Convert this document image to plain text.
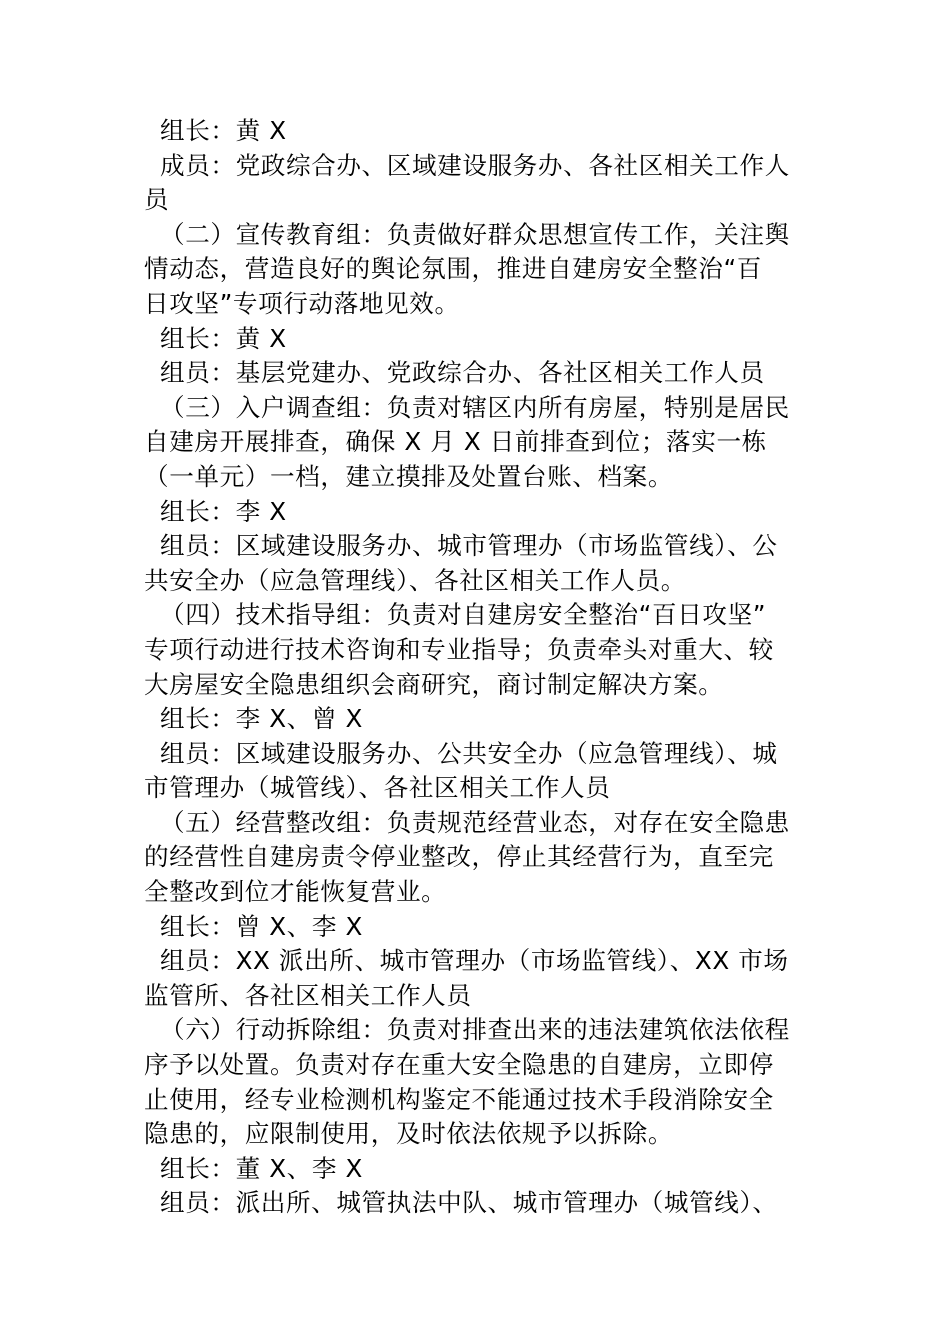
组长：黄 X
成员：党政综合办、区域建设服务办、各社区相关工作人
员
（二）宣传教育组：负责做好群众思想宣传工作，关注舆
情动态，营造良好的舆论氛围，推进自建房安全整治“百
日攻坚”专项行动落地见效。
组长：黄 X
组员：基层党建办、党政综合办、各社区相关工作人员
（三）入户调查组：负责对辖区内所有房屋，特别是居民
自建房开展排查，确保 X 月 X 日前排查到位；落实一栋
（一单元）一档，建立摸排及处置台账、档案。
组长：李 X
组员：区域建设服务办、城市管理办（市场监管线）、公
共安全办（应急管理线）、各社区相关工作人员。
（四）技术指导组：负责对自建房安全整治“百日攻坚”
专项行动进行技术咨询和专业指导；负责牵头对重大、较
大房屋安全隐患组织会商研究，商讨制定解决方案。
组长：李 X、曾 X
组员：区域建设服务办、公共安全办（应急管理线）、城
市管理办（城管线）、各社区相关工作人员
（五）经营整改组：负责规范经营业态，对存在安全隐患
的经营性自建房责令停业整改，停止其经营行为，直至完
全整改到位才能恢复营业。
组长：曾 X、李 X
组员：XX 派出所、城市管理办（市场监管线）、XX 市场
监管所、各社区相关工作人员
（六）行动拆除组：负责对排查出来的违法建筑依法依程
序予以处置。负责对存在重大安全隐患的自建房，立即停
止使用，经专业检测机构鉴定不能通过技术手段消除安全
隐患的，应限制使用，及时依法依规予以拆除。
组长：董 X、李 X
组员：派出所、城管执法中队、城市管理办（城管线）、
